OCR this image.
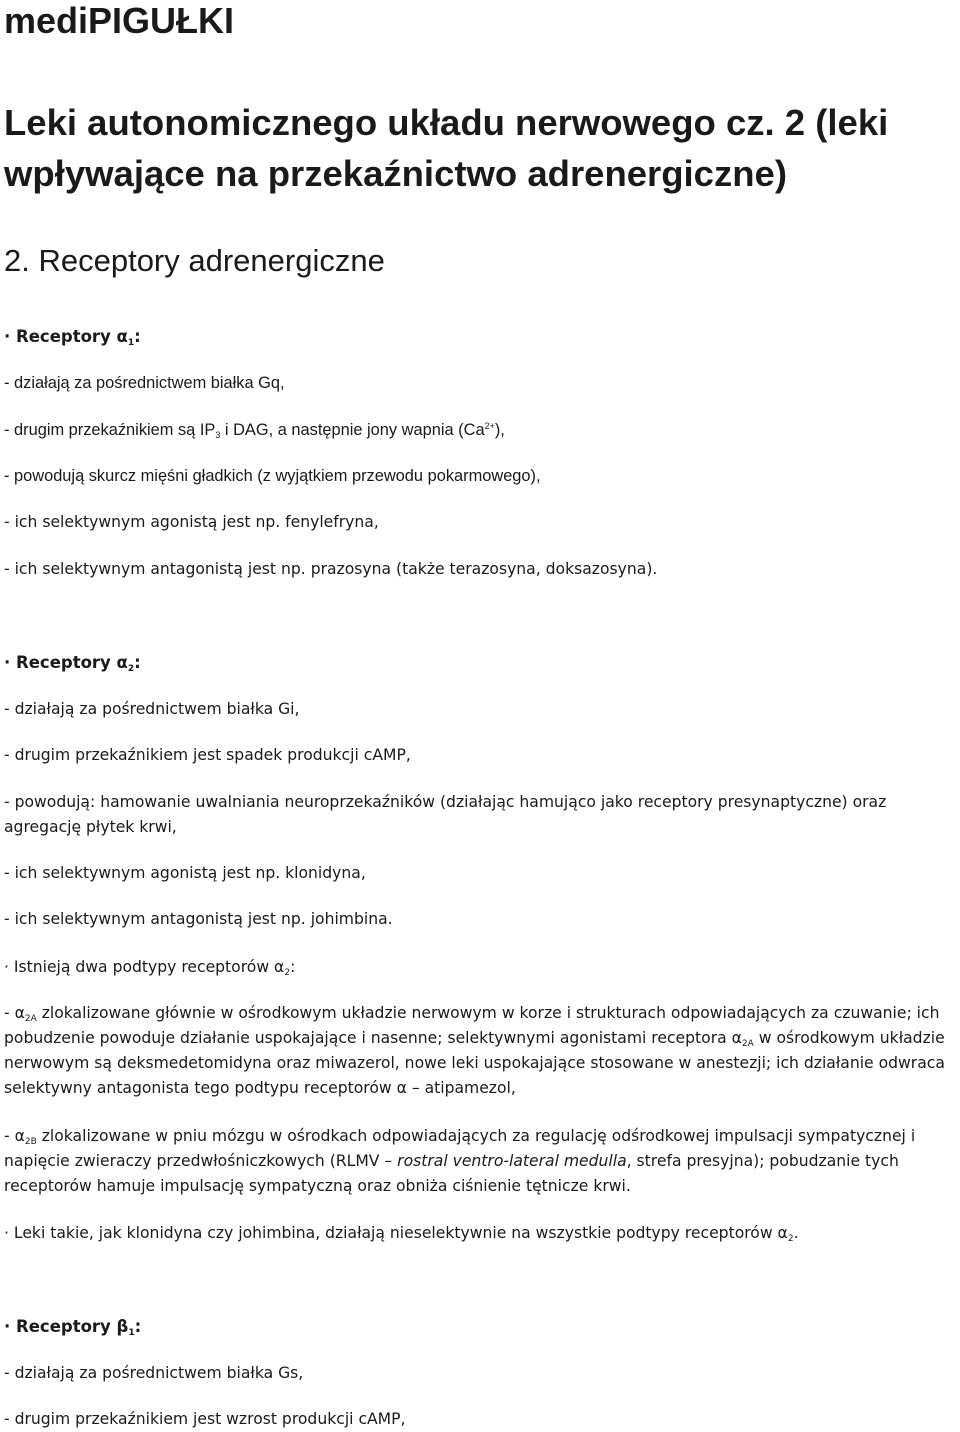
mediPIGUŁKI
Leki autonomicznego układu nerwowego cz. 2 (leki wpływające na przekaźnictwo adrenergiczne)
2. Receptory adrenergiczne

· Receptory $\alpha_1$:

- działają za pośrednictwem białka Gq,

- drugim przekaźnikiem są $IP_3$ i DAG, a następnie jony wapnia $(Ca^{2+})$,

- powodują skurcz mięśni gładkich (z wyjątkiem przewodu pokarmowego),

- ich selektywnym agonistą jest np. fenylefryna,

- ich selektywnym antagonistą jest np. prazosyna (także terazosyna, doksazosyna).

· Receptory $\alpha_2$:

- działają za pośrednictwem białka Gi,

- drugim przekaźnikiem jest spadek produkcji cAMP,

- powodują: hamowanie uwalniania neuroprzekaźników (działając hamująco jako receptory presynaptyczne) oraz agregację płytek krwi,

- ich selektywnym agonistą jest np. klonidyna,

- ich selektywnym antagonistą jest np. johimbina.

· Istnieją dwa podtypy receptorów $\alpha_2$:

- $\alpha_{2A}$ zlokalizowane głównie w ośrodkowym układzie nerwowym w korze i strukturach odpowiadających za czuwanie; ich pobudzenie powoduje działanie uspokajające i nasenne; selektywnymi agonistami receptora $\alpha_{2A}$ w ośrodkowym układzie nerwowym są deksmedetomidyna oraz miwazerol, nowe leki uspokajające stosowane w anestezji; ich działanie odwraca selektywny antagonista tego podtypu receptorów α – atipamezol,

- $\alpha_{2B}$ zlokalizowane w pniu mózgu w ośrodkach odpowiadających za regulację odśrodkowej impulsacji sympatycznej i napięcie zwieraczy przedwłośniczkowych (RLMV – rostral ventro-lateral medulla, strefa presyjna); pobudzanie tych receptorów hamuje impulsację sympatyczną oraz obniża ciśnienie tętnicze krwi.

· Leki takie, jak klonidyna czy johimbina, działają nieselektywnie na wszystkie podtypy receptorów $\alpha_2$.

· Receptory $\beta_1$:

- działają za pośrednictwem białka Gs,

- drugim przekaźnikiem jest wzrost produkcji cAMP,
